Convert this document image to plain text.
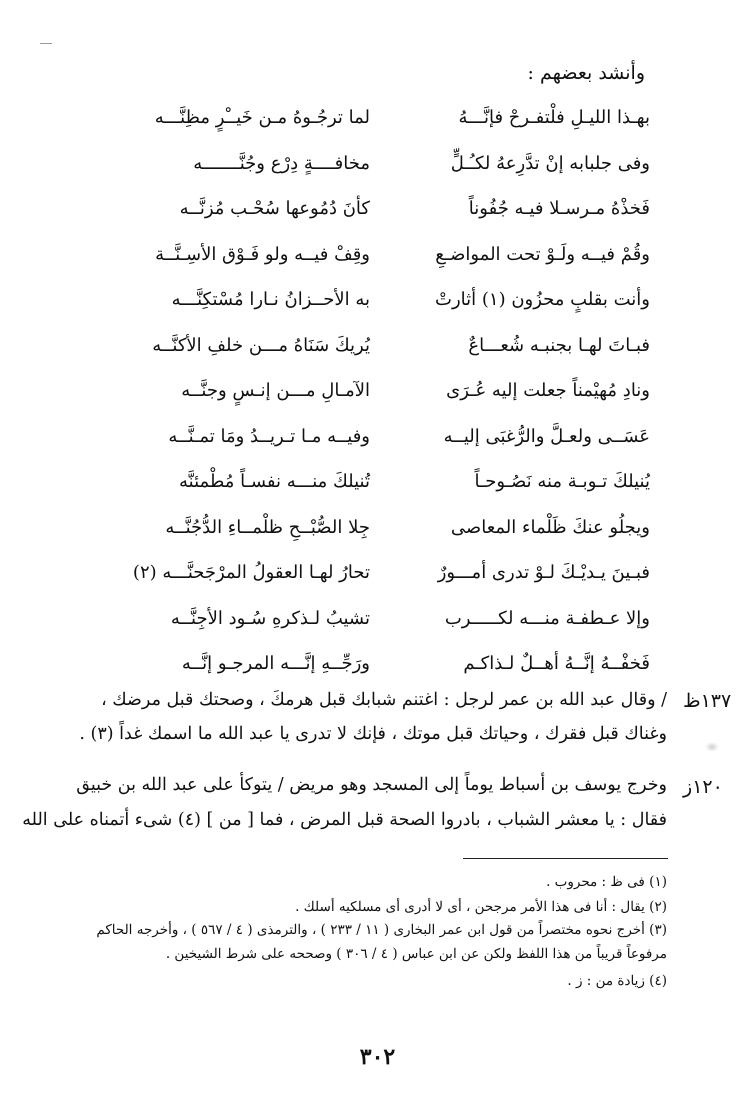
وأنشد بعضهم :
بهـذا الليـلِ فلْتفـرحْ فإنَّـــهُ
لما ترجُـوهُ مـن خَيــْرٍ مظِنَّـــه
وفى جلبابه إنْ تدَّرِعهُ لكـُـلٍّ
مخافــــةٍ دِرْع وجُنَّـــــــه
فَخذْهُ مـرسـلا فيـه جُفُوناً
كأنَ دُمُوعها سُحْـب مُزنَّــه
وقُمْ فيــه ولَـوْ تحت المواضـعِ
وقِفْ فيــه ولو فَـوْق الأسِـنَّــة
وأنت بقلبٍ محزُون (١) أثارتْ
به الأحــزانُ نـارا مُسْتكِنَّـــه
فبـاتَ لهـا بجنبـه شُعـــاعٌ
يُريكَ سَنَاهُ مـــن خلفِ الأكنَّــه
ونادِ مُهيْمناً جعلت إليه عُـرَى
الآمـالِ مـــن إنـسٍ وجنَّــه
عَسَــى ولعـلَّ والرُّغبَى إليــه
وفيــه مـا تـريــدُ ومَا تمـنَّــه
يُنيلكَ تـوبـة منه نَصُـوحـاً
تُنيلكَ منـــه نفسـاً مُطْمئنَّه
ويجلُو عنكَ ظَلْماء المعاصى
جِلا الصُّبْــحِ ظلْمــاءِ الدُّجُنَّــه
فبـينَ يـديْـكَ لـوْ تدرى أمـــورٌ
تحارُ لهـا العقولُ المرْجَحنَّـــه (٢)
وإلا عـطفـة منـــه لكـــــرب
تشيبُ لـذكرهِ سُـود الأجِنَّــه
فَخفْــهُ إنَّــهُ أهــلٌ لـذاكـم
ورَجِّــهِ إنَّـــه المرجـو إنَّــه
١٣٧ظ
/ وقال عبد الله بن عمر لرجل : اغتنم شبابك قبل هرمكَ ، وصحتك قبل مرضك ،
وغناك قبل فقرك ، وحياتك قبل موتك ، فإنك لا تدرى يا عبد الله ما اسمك غداً (٣) .
١٢٠ز
وخرج يوسف بن أسباط يوماً إلى المسجد وهو مريض / يتوكأ على عبد الله بن خبيق
فقال : يا معشر الشباب ، بادروا الصحة قبل المرض ، فما [ من ] (٤) شىء أتمناه على الله
(١) فى ظ : محروب .
(٢) يقال : أنا فى هذا الأمر مرجحن ، أى لا أدرى أى مسلكيه أسلك .
(٣) أخرج نحوه مختصراً من قول ابن عمر البخارى ( ١١ / ٢٣٣ ) ، والترمذى ( ٤ / ٥٦٧ ) ، وأخرجه الحاكم
مرفوعاً قريباً من هذا اللفظ ولكن عن ابن عباس ( ٤ / ٣٠٦ ) وصححه على شرط الشيخين .
(٤) زيادة من : ز .
٣٠٢
